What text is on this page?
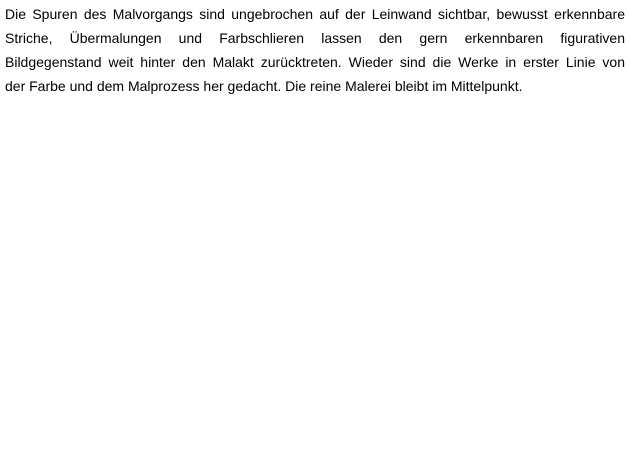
Die Spuren des Malvorgangs sind ungebrochen auf der Leinwand sichtbar, bewusst erkennbare
Striche, Übermalungen und Farbschlieren lassen den gern erkennbaren figurativen
Bildgegenstand weit hinter den Malakt zurücktreten. Wieder sind die Werke in erster Linie von
der Farbe und dem Malprozess her gedacht. Die reine Malerei bleibt im Mittelpunkt.
